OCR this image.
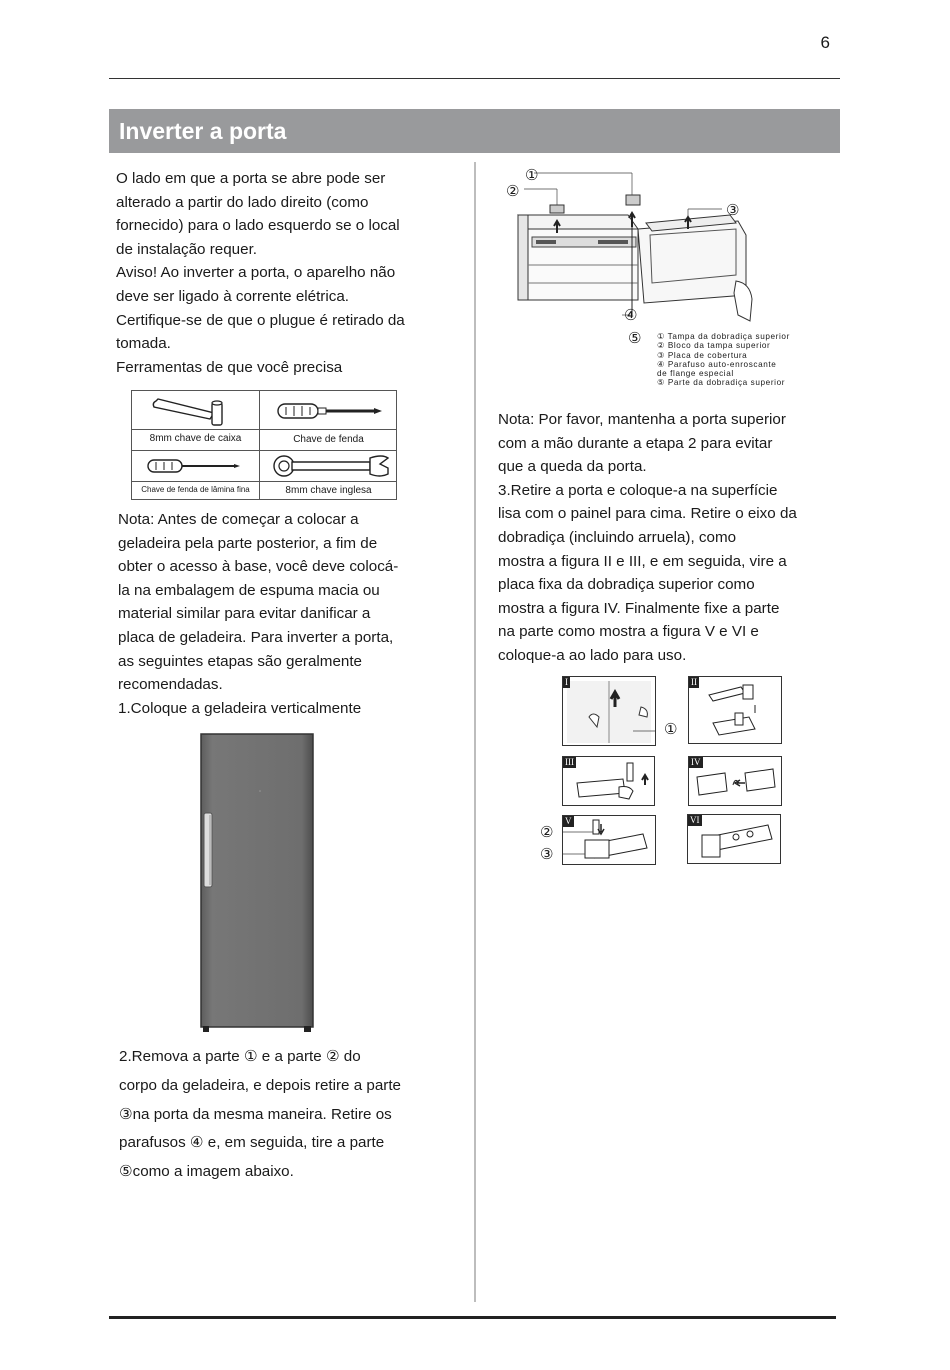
6
Inverter a porta

O lado em que a porta se abre pode ser

alterado a partir do lado direito (como

fornecido) para o lado esquerdo se o local

de instalação requer.

Aviso! Ao inverter a porta, o aparelho não

deve ser ligado à corrente elétrica.

Certifique-se de que o plugue é retirado da

tomada.

Ferramentas de que você precisa

8mm chave de caixa	Chave de fenda
Chave de fenda de lâmina fina	8mm chave inglesa

Nota: Antes de começar a colocar a

geladeira pela parte posterior, a fim de

obter o acesso à base, você deve colocá-

la na embalagem de espuma macia ou

material similar para evitar danificar a

placa de geladeira. Para inverter a porta,

as seguintes etapas são geralmente

recomendadas.

1.Coloque a geladeira verticalmente

2.Remova a parte ① e a parte ② do

corpo da geladeira, e depois retire a parte

③na porta da mesma maneira. Retire os

parafusos ④ e, em seguida, tire a parte

⑤como a imagem abaixo.

①
②
③
④
⑤ ① Tampa da dobradiça superior

② Bloco da tampa superior

③ Placa de cobertura

④ Parafuso auto-enroscante

de flange especial

⑤ Parte da dobradiça superior

Nota: Por favor, mantenha a porta superior

com a mão durante a etapa 2 para evitar

que a queda da porta.

3.Retire a porta e coloque-a na superfície

lisa com o painel para cima. Retire o eixo da

dobradiça (incluindo arruela), como

mostra a figura II e III, e em seguida, vire a

placa fixa da dobradiça superior como

mostra a figura IV. Finalmente fixe a parte

na parte como mostra a figura V e VI e

coloque-a ao lado para uso.

I
①
II
III	IV
V
②
③
VI
